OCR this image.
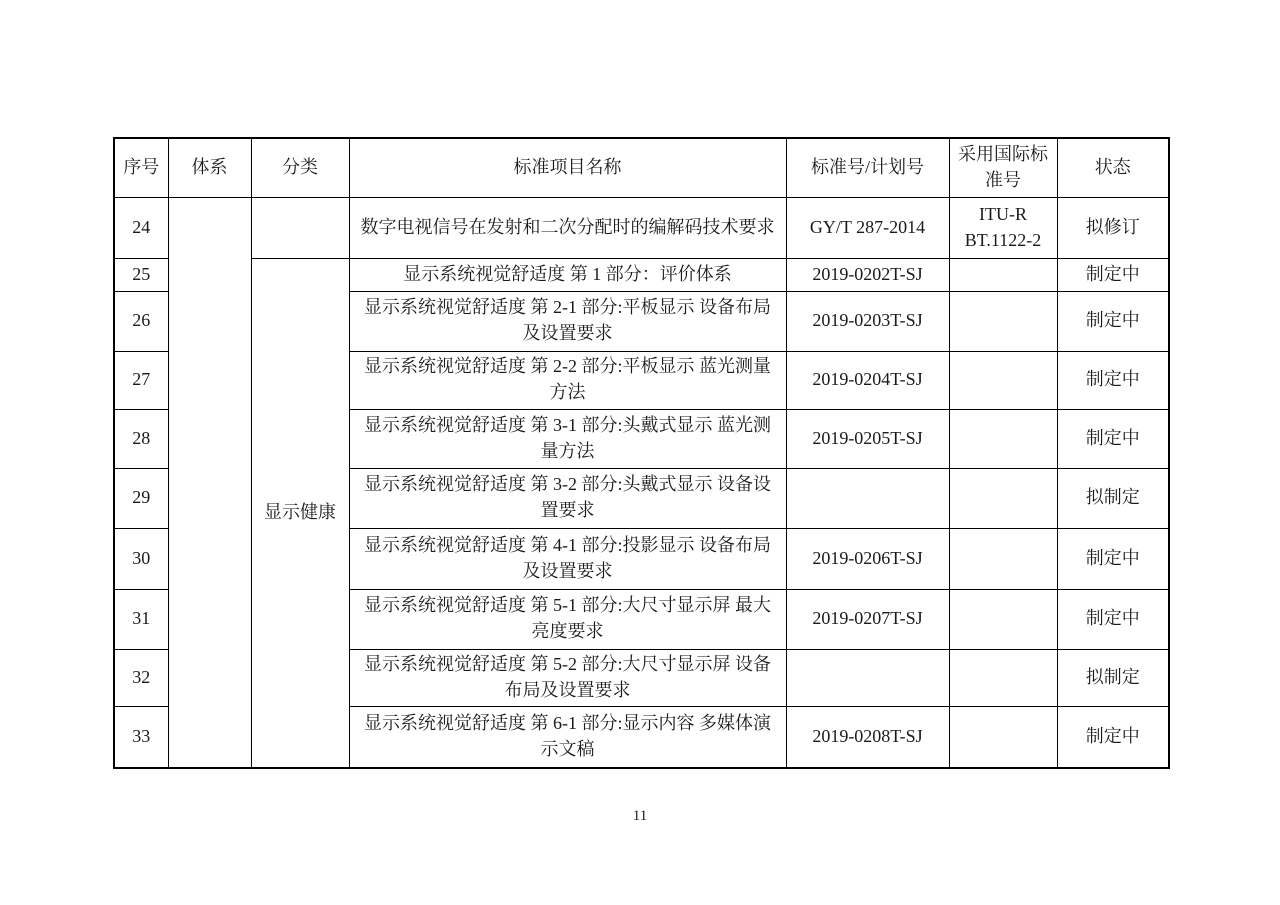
序号	体系	分类	标准项目名称	标准号/计划号	采用国际标准号	状态
24			数字电视信号在发射和二次分配时的编解码技术要求	GY/T 287-2014	ITU-R BT.1122-2	拟修订
25		显示健康	显示系统视觉舒适度 第 1 部分：评价体系	2019-0202T-SJ		制定中
26			显示系统视觉舒适度 第 2-1 部分:平板显示 设备布局及设置要求	2019-0203T-SJ		制定中
27			显示系统视觉舒适度 第 2-2 部分:平板显示 蓝光测量方法	2019-0204T-SJ		制定中
28			显示系统视觉舒适度 第 3-1 部分:头戴式显示 蓝光测量方法	2019-0205T-SJ		制定中
29			显示系统视觉舒适度 第 3-2 部分:头戴式显示 设备设置要求			拟制定
30			显示系统视觉舒适度 第 4-1 部分:投影显示 设备布局及设置要求	2019-0206T-SJ		制定中
31			显示系统视觉舒适度 第 5-1 部分:大尺寸显示屏 最大亮度要求	2019-0207T-SJ		制定中
32			显示系统视觉舒适度 第 5-2 部分:大尺寸显示屏 设备布局及设置要求			拟制定
33			显示系统视觉舒适度 第 6-1 部分:显示内容 多媒体演示文稿	2019-0208T-SJ		制定中
11
